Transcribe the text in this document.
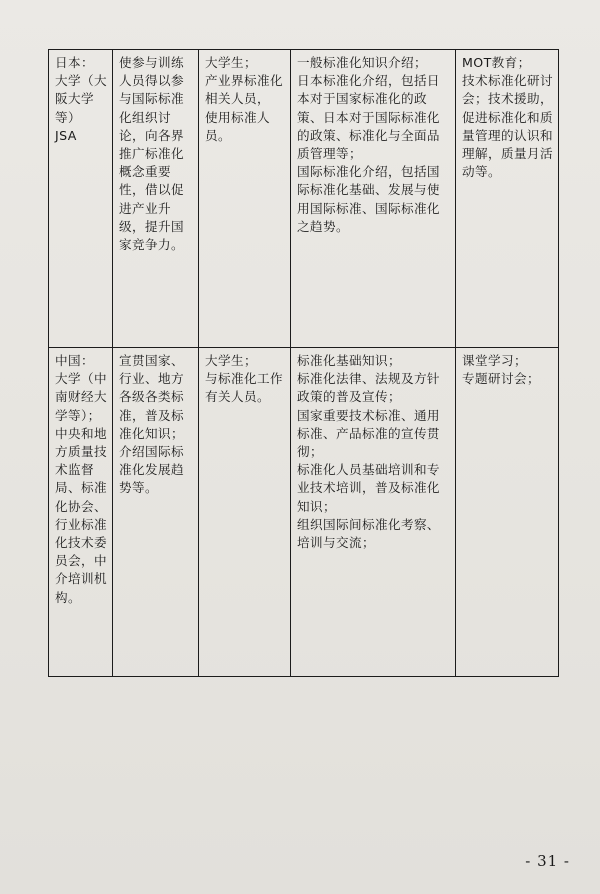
日本：
大学（大阪大学等）
JSA	使参与训练人员得以参与国际标准化组织讨论，向各界推广标准化概念重要性，借以促进产业升级，提升国家竞争力。	大学生；
产业界标准化相关人员，
使用标准人员。	一般标准化知识介绍；
日本标准化介绍，包括日本对于国家标准化的政策、日本对于国际标准化的政策、标准化与全面品质管理等；
国际标准化介绍，包括国际标准化基础、发展与使用国际标准、国际标准化之趋势。	MOT教育；
技术标准化研讨会；技术援助，促进标准化和质量管理的认识和理解，质量月活动等。
中国：
大学（中南财经大学等）；中央和地方质量技术监督局、标准化协会、行业标准化技术委员会，中介培训机构。	宣贯国家、行业、地方各级各类标准，普及标准化知识；介绍国际标准化发展趋势等。	大学生；
与标准化工作有关人员。	标准化基础知识；
标准化法律、法规及方针政策的普及宣传；
国家重要技术标准、通用标准、产品标准的宣传贯彻；
标准化人员基础培训和专业技术培训，普及标准化知识；
组织国际间标准化考察、培训与交流；	课堂学习；
专题研讨会；
- 31 -
